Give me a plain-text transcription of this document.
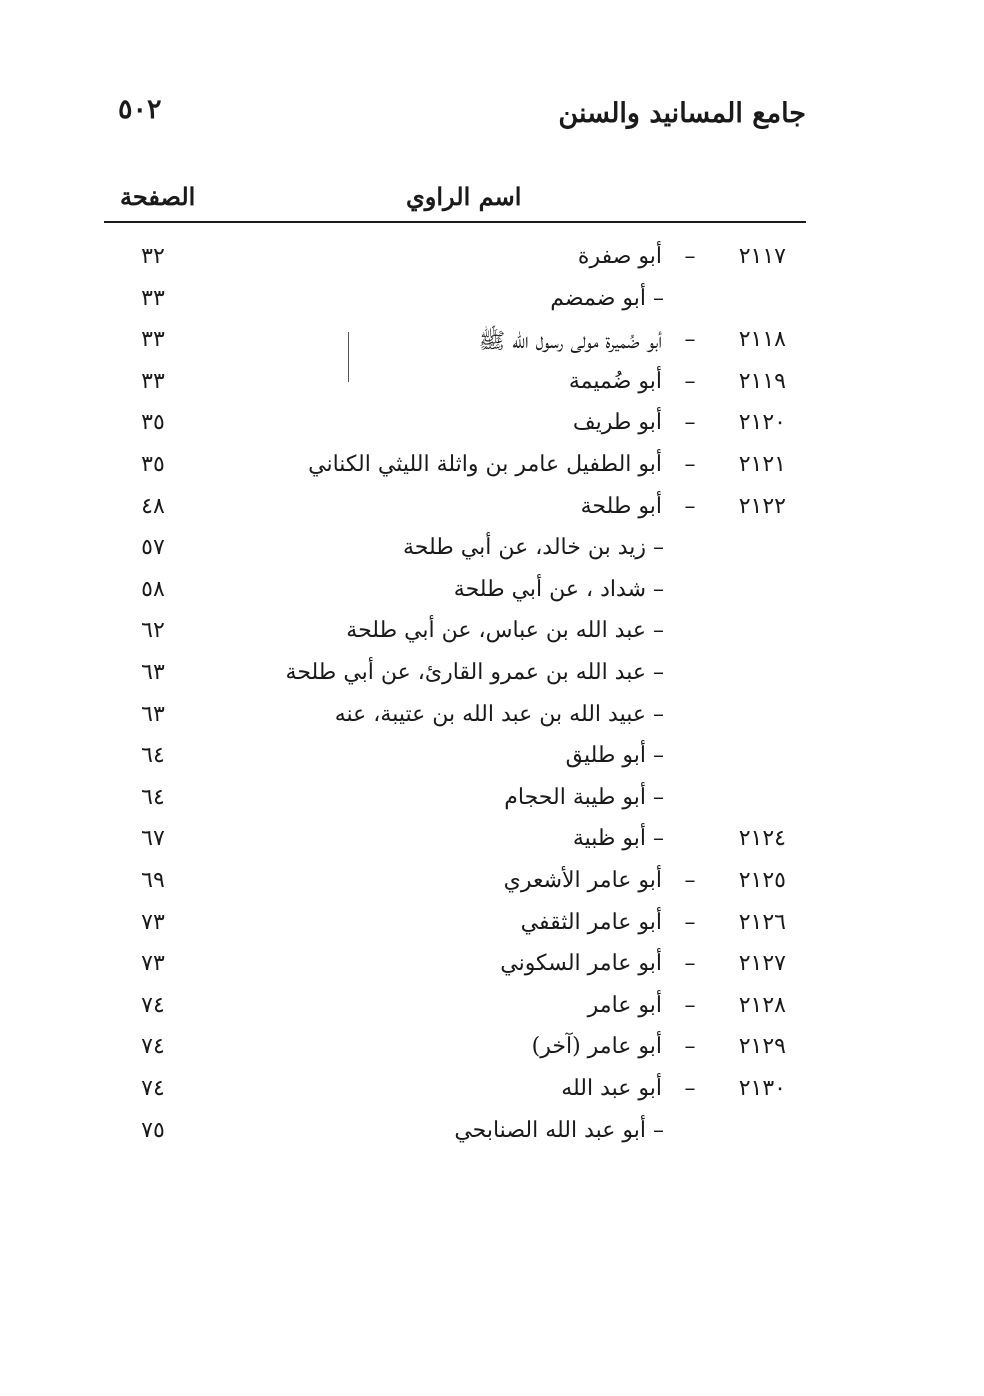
جامع المسانيد والسنن
٥٠٢
اسم الراوي
الصفحة
٢١١٧
–
أبو صفرة
٣٢
– أبو ضمضم
٣٣
٢١١٨
–
أبو ضُميرة مولى رسول الله ﷺ
٣٣
٢١١٩
–
أبو ضُميمة
٣٣
٢١٢٠
–
أبو طريف
٣٥
٢١٢١
–
أبو الطفيل عامر بن واثلة الليثي الكناني
٣٥
٢١٢٢
–
أبو طلحة
٤٨
– زيد بن خالد، عن أبي طلحة
٥٧
– شداد ، عن أبي طلحة
٥٨
– عبد الله بن عباس، عن أبي طلحة
٦٢
– عبد الله بن عمرو القارئ، عن أبي طلحة
٦٣
– عبيد الله بن عبد الله بن عتيبة، عنه
٦٣
– أبو طليق
٦٤
– أبو طيبة الحجام
٦٤
٢١٢٤
– أبو ظبية
٦٧
٢١٢٥
–
أبو عامر الأشعري
٦٩
٢١٢٦
–
أبو عامر الثقفي
٧٣
٢١٢٧
–
أبو عامر السكوني
٧٣
٢١٢٨
–
أبو عامر
٧٤
٢١٢٩
–
أبو عامر (آخر)
٧٤
٢١٣٠
–
أبو عبد الله
٧٤
– أبو عبد الله الصنابحي
٧٥
